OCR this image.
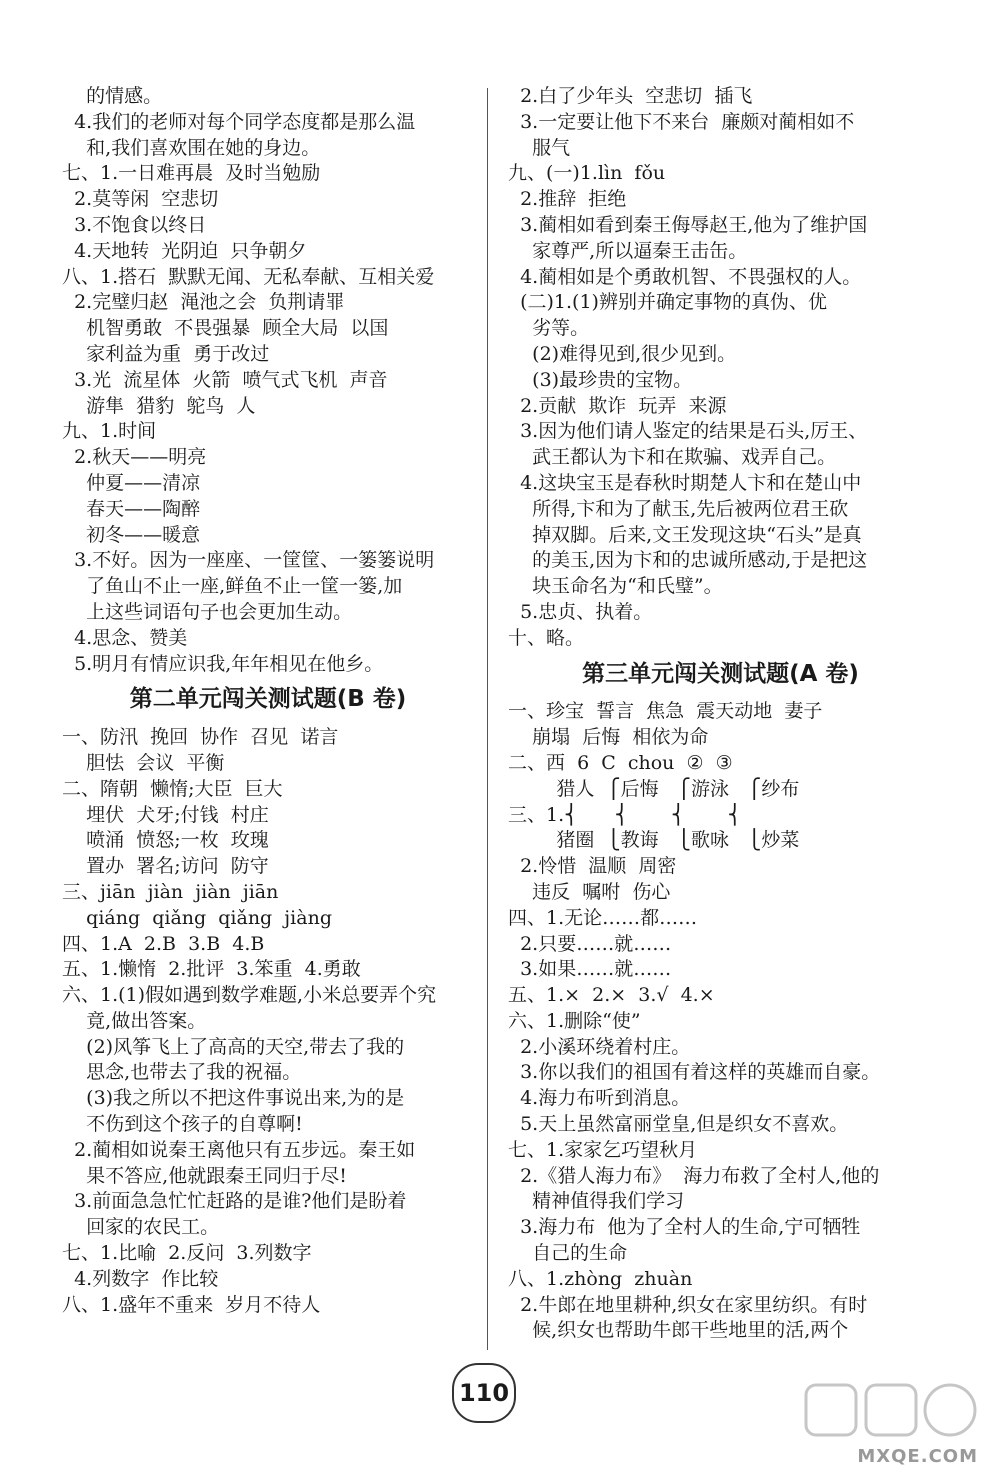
的情感。
4.我们的老师对每个同学态度都是那么温
和,我们喜欢围在她的身边。
七、1.一日难再晨  及时当勉励
2.莫等闲  空悲切
3.不饱食以终日
4.天地转  光阴迫  只争朝夕
八、1.搭石  默默无闻、无私奉献、互相关爱
2.完璧归赵  渑池之会  负荆请罪
机智勇敢  不畏强暴  顾全大局  以国
家利益为重  勇于改过
3.光  流星体  火箭  喷气式飞机  声音
游隼  猎豹  鸵鸟  人
九、1.时间
2.秋天——明亮
仲夏——清凉
春天——陶醉
初冬——暖意
3.不好。因为一座座、一筐筐、一篓篓说明
了鱼山不止一座,鲜鱼不止一筐一篓,加
上这些词语句子也会更加生动。
4.思念、赞美
5.明月有情应识我,年年相见在他乡。
第二单元闯关测试题(B 卷)
一、防汛  挽回  协作  召见  诺言
胆怯  会议  平衡
二、隋朝  懒惰;大臣  巨大
埋伏  犬牙;付钱  村庄
喷涌  愤怒;一枚  玫瑰
置办  署名;访问  防守
三、jiān  jiàn  jiàn  jiān
qiáng  qiǎng  qiǎng  jiàng
四、1.A  2.B  3.B  4.B
五、1.懒惰  2.批评  3.笨重  4.勇敢
六、1.(1)假如遇到数学难题,小米总要弄个究
竟,做出答案。
(2)风筝飞上了高高的天空,带去了我的
思念,也带去了我的祝福。
(3)我之所以不把这件事说出来,为的是
不伤到这个孩子的自尊啊!
2.蔺相如说秦王离他只有五步远。秦王如
果不答应,他就跟秦王同归于尽!
3.前面急急忙忙赶路的是谁?他们是盼着
回家的农民工。
七、1.比喻  2.反问  3.列数字
4.列数字  作比较
八、1.盛年不重来  岁月不待人
2.白了少年头  空悲切  插飞
3.一定要让他下不来台  廉颇对蔺相如不
服气
九、(一)1.lìn  fǒu
2.推辞  拒绝
3.蔺相如看到秦王侮辱赵王,他为了维护国
家尊严,所以逼秦王击缶。
4.蔺相如是个勇敢机智、不畏强权的人。
(二)1.(1)辨别并确定事物的真伪、优
劣等。
(2)难得见到,很少见到。
(3)最珍贵的宝物。
2.贡献  欺诈  玩弄  来源
3.因为他们请人鉴定的结果是石头,厉王、
武王都认为卞和在欺骗、戏弄自己。
4.这块宝玉是春秋时期楚人卞和在楚山中
所得,卞和为了献玉,先后被两位君王砍
掉双脚。后来,文王发现这块“石头”是真
的美玉,因为卞和的忠诚所感动,于是把这
块玉命名为“和氏璧”。
5.忠贞、执着。
十、略。
第三单元闯关测试题(A 卷)
一、珍宝  誓言  焦急  震天动地  妻子
崩塌  后悔  相依为命
二、西  6  C  chou  ②  ③
猎人  ⎧后悔   ⎧游泳   ⎧纱布
三、1.⎨      ⎨       ⎨       ⎨
猪圈  ⎩教诲   ⎩歌咏   ⎩炒菜
2.怜惜  温顺  周密
违反  嘱咐  伤心
四、1.无论……都……
2.只要……就……
3.如果……就……
五、1.×  2.×  3.√  4.×
六、1.删除“使”
2.小溪环绕着村庄。
3.你以我们的祖国有着这样的英雄而自豪。
4.海力布听到消息。
5.天上虽然富丽堂皇,但是织女不喜欢。
七、1.家家乞巧望秋月
2.《猎人海力布》  海力布救了全村人,他的
精神值得我们学习
3.海力布  他为了全村人的生命,宁可牺牲
自己的生命
八、1.zhòng  zhuàn
2.牛郎在地里耕种,织女在家里纺织。有时
候,织女也帮助牛郎干些地里的活,两个
110
MXQE.COM
